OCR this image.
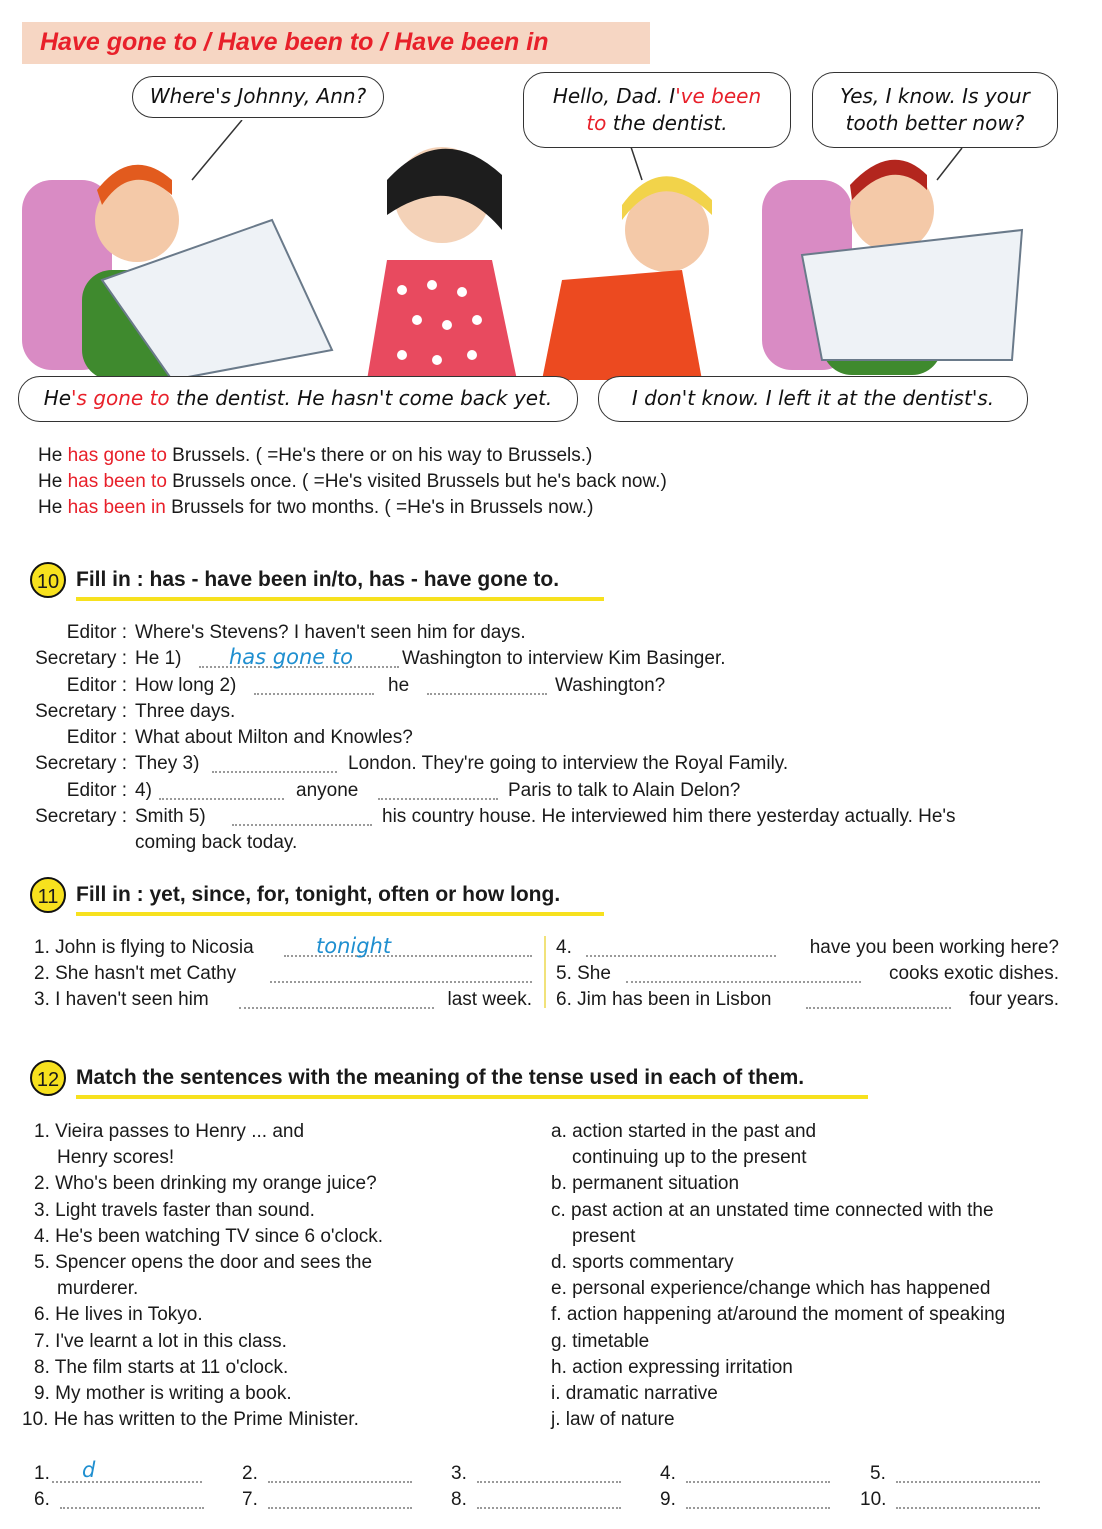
Have gone to / Have been to / Have been in
Where's Johnny, Ann?	Hello, Dad. I've been
to the dentist.
Yes, I know. Is your
tooth better now?
He's gone to the dentist. He hasn't come back yet.	I don't know. I left it at the dentist's.
He has gone to Brussels. ( =He's there or on his way to Brussels.)
He has been to Brussels once. ( =He's visited Brussels but he's back now.)
He has been in Brussels for two months. ( =He's in Brussels now.)
10 Fill in : has - have been in/to, has - have gone to.
Editor : Where's Stevens? I haven't seen him for days.
Secretary : He 1) has gone to	Washington to interview Kim Basinger.
Editor : How long 2)	he	Washington?
Secretary : Three days.
Editor : What about Milton and Knowles?
Secretary : They 3)	London. They're going to interview the Royal Family.
Editor : 4)	anyone	Paris to talk to Alain Delon?
Secretary : Smith 5)	his country house. He interviewed him there yesterday actually. He's
coming back today.
11 Fill in : yet, since, for, tonight, often or how long.
1. John is flying to Nicosia	tonight
2. She hasn't met Cathy
3. I haven't seen him	last week.
4.	have you been working here?
5. She	cooks exotic dishes.
6. Jim has been in Lisbon	four years.
12 Match the sentences with the meaning of the tense used in each of them.

1. Vieira passes to Henry ... and

Henry scores!

2. Who's been drinking my orange juice?

3. Light travels faster than sound.

4. He's been watching TV since 6 o'clock.

5. Spencer opens the door and sees the

murderer.

6. He lives in Tokyo.

7. I've learnt a lot in this class.

8. The film starts at 11 o'clock.

9. My mother is writing a book.

10. He has written to the Prime Minister.

a. action started in the past and

continuing up to the present

b. permanent situation

c. past action at an unstated time connected with the

present

d. sports commentary

e. personal experience/change which has happened

f. action happening at/around the moment of speaking

g. timetable

h. action expressing irritation

i. dramatic narrative

j. law of nature

1. d	2.	3.	4.	5.
6.	7.	8.	9.	10.
